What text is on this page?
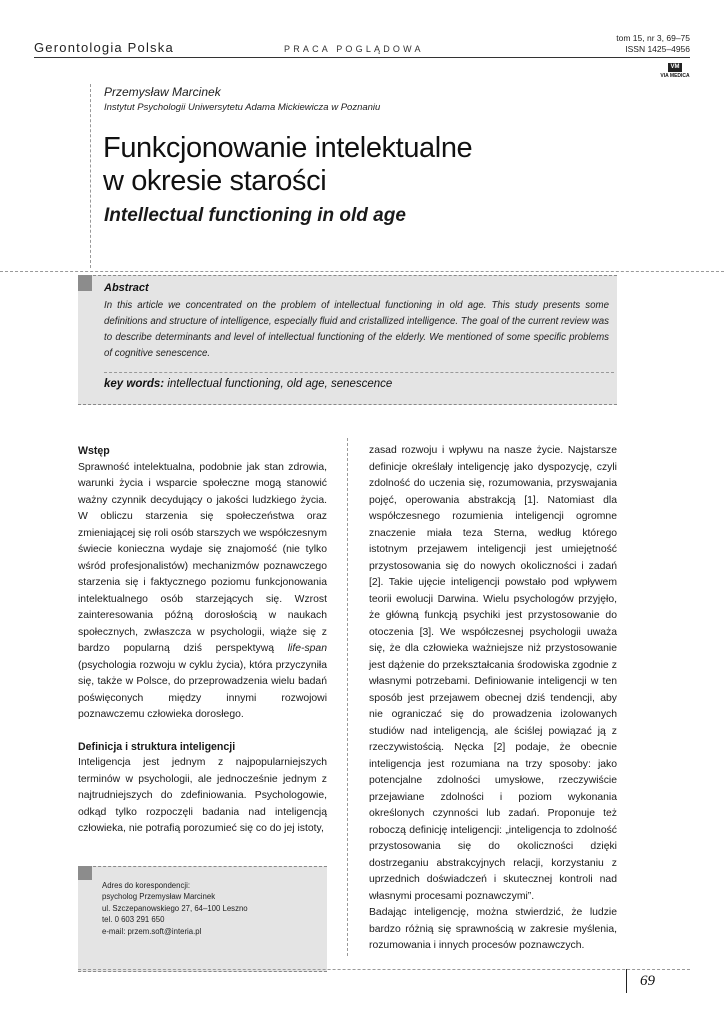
Gerontologia Polska	PRACA POGLĄDOWA
tom 15, nr 3, 69–75
ISSN 1425–4956
VM
VIA MEDICA
Przemysław Marcinek
Instytut Psychologii Uniwersytetu Adama Mickiewicza w Poznaniu
Funkcjonowanie intelektualne
w okresie starości
Intellectual functioning in old age
Abstract
In this article we concentrated on the problem of intellectual functioning in old age. This study presents some definitions and structure of intelligence, especially fluid and cristallized intelligence. The goal of the current review was to describe determinants and level of intellectual functioning of the elderly. We mentioned of some specific problems of cognitive senescence.
key words: intellectual functioning, old age, senescence

Wstęp

Sprawność intelektualna, podobnie jak stan zdrowia, warunki życia i wsparcie społeczne mogą stanowić ważny czynnik decydujący o jakości ludzkiego życia. W obliczu starzenia się społeczeństwa oraz zmieniającej się roli osób starszych we współczesnym świecie konieczna wydaje się znajomość (nie tylko wśród profesjonalistów) mechanizmów poznawczego starzenia się i faktycznego poziomu funkcjonowania intelektualnego osób starzejących się. Wzrost zainteresowania późną dorosłością w naukach społecznych, zwłaszcza w psychologii, wiąże się z bardzo popularną dziś perspektywą life-span (psychologia rozwoju w cyklu życia), która przyczyniła się, także w Polsce, do przeprowadzenia wielu badań poświęconych między innymi rozwojowi poznawczemu człowieka dorosłego.

Definicja i struktura inteligencji

Inteligencja jest jednym z najpopularniejszych terminów w psychologii, ale jednocześnie jednym z najtrudniejszych do zdefiniowania. Psychologowie, odkąd tylko rozpoczęli badania nad inteligencją człowieka, nie potrafią porozumieć się co do jej istoty,

zasad rozwoju i wpływu na nasze życie. Najstarsze definicje określały inteligencję jako dyspozycję, czyli zdolność do uczenia się, rozumowania, przyswajania pojęć, operowania abstrakcją [1]. Natomiast dla współczesnego rozumienia inteligencji ogromne znaczenie miała teza Sterna, według którego istotnym przejawem inteligencji jest umiejętność przystosowania się do nowych okoliczności i zadań [2]. Takie ujęcie inteligencji powstało pod wpływem teorii ewolucji Darwina. Wielu psychologów przyjęło, że główną funkcją psychiki jest przystosowanie do otoczenia [3]. We współczesnej psychologii uważa się, że dla człowieka ważniejsze niż przystosowanie jest dążenie do przekształcania środowiska zgodnie z własnymi potrzebami. Definiowanie inteligencji w ten sposób jest przejawem obecnej dziś tendencji, aby nie ograniczać się do prowadzenia izolowanych studiów nad inteligencją, ale ściślej powiązać ją z rzeczywistością. Nęcka [2] podaje, że obecnie inteligencja jest rozumiana na trzy sposoby: jako potencjalne zdolności umysłowe, rzeczywiście przejawiane zdolności i poziom wykonania określonych czynności lub zadań. Proponuje też roboczą definicję inteligencji: „inteligencja to zdolność przystosowania się do okoliczności dzięki dostrzeganiu abstrakcyjnych relacji, korzystaniu z uprzednich doświadczeń i skutecznej kontroli nad własnymi procesami poznawczymi”.

Badając inteligencję, można stwierdzić, że ludzie bardzo różnią się sprawnością w zakresie myślenia, rozumowania i innych procesów poznawczych.

Adres do korespondencji:
psycholog Przemysław Marcinek
ul. Szczepanowskiego 27, 64–100 Leszno
tel. 0 603 291 650
e-mail: przem.soft@interia.pl
69
